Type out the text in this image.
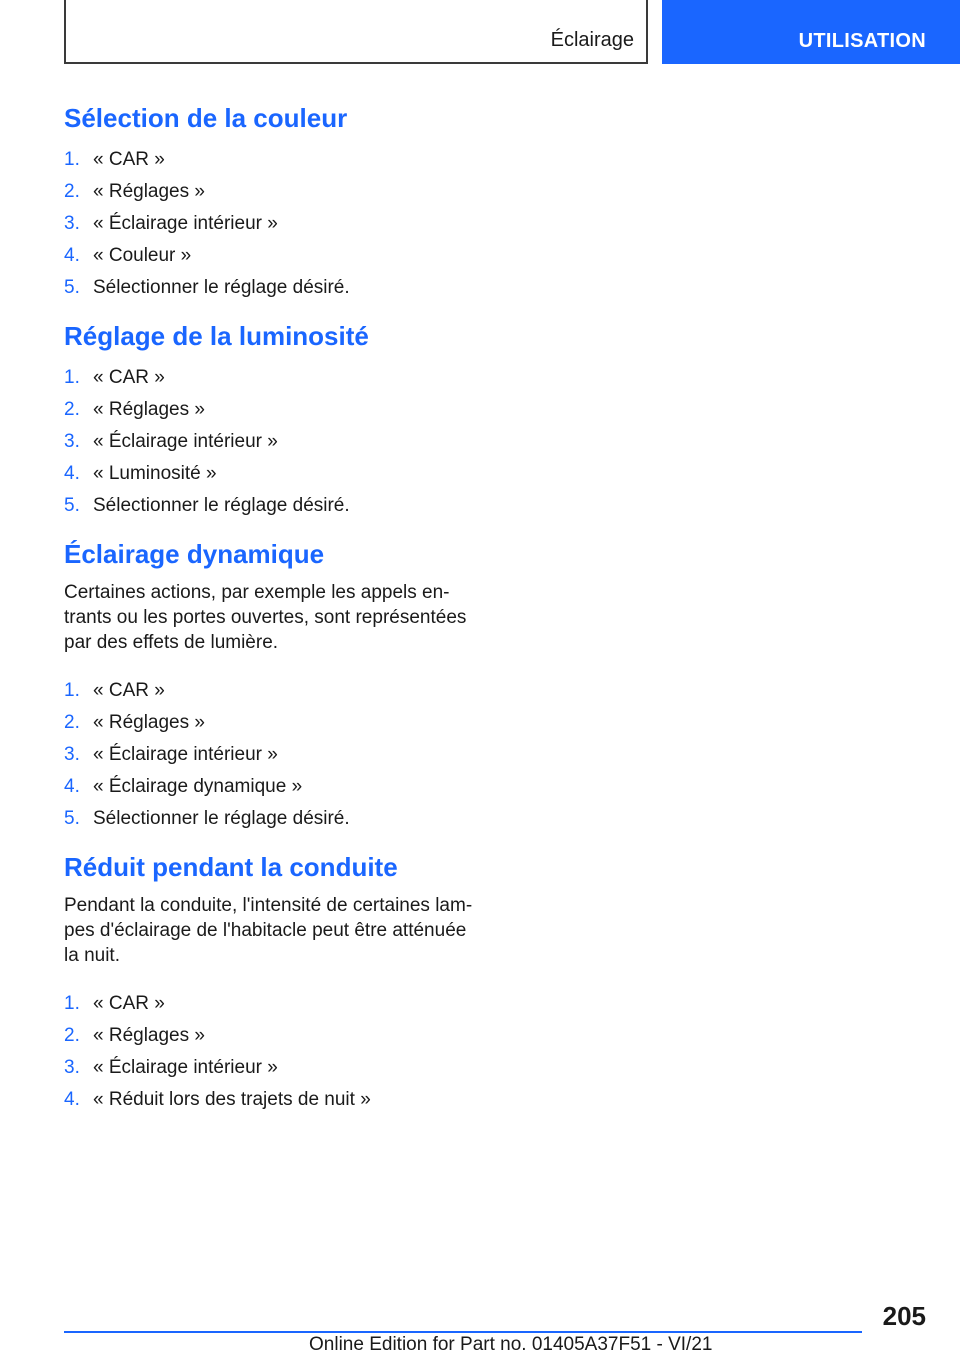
Éclairage	UTILISATION
Sélection de la couleur
1. « CAR »
2. « Réglages »
3. « Éclairage intérieur »
4. « Couleur »
5. Sélectionner le réglage désiré.
Réglage de la luminosité
1. « CAR »
2. « Réglages »
3. « Éclairage intérieur »
4. « Luminosité »
5. Sélectionner le réglage désiré.
Éclairage dynamique

Certaines actions, par exemple les appels entrants ou les portes ouvertes, sont représentées par des effets de lumière.

1. « CAR »
2. « Réglages »
3. « Éclairage intérieur »
4. « Éclairage dynamique »
5. Sélectionner le réglage désiré.
Réduit pendant la conduite

Pendant la conduite, l'intensité de certaines lampes d'éclairage de l'habitacle peut être atténuée la nuit.

1. « CAR »
2. « Réglages »
3. « Éclairage intérieur »
4. « Réduit lors des trajets de nuit »
205
Online Edition for Part no. 01405A37F51 - VI/21
